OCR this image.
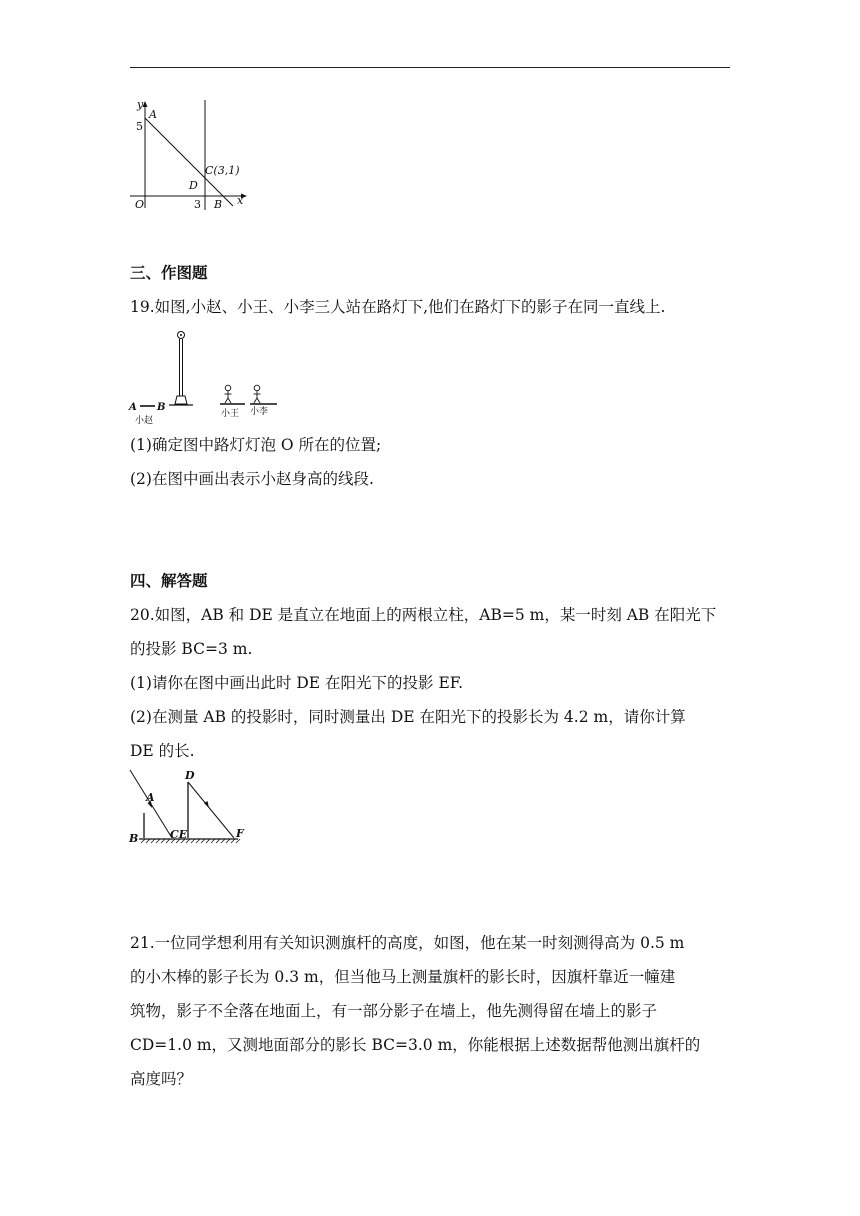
y
x
O
A
5
C(3,1)
D
3 B
三、作图题
19.如图,小赵、小王、小李三人站在路灯下,他们在路灯下的影子在同一直线上.
A B
小赵
小王 小李
(1)确定图中路灯灯泡 O 所在的位置;
(2)在图中画出表示小赵身高的线段.
四、解答题
20.如图，AB 和 DE 是直立在地面上的两根立柱，AB=5 m，某一时刻 AB 在阳光下
的投影 BC=3 m.
(1)请你在图中画出此时 DE 在阳光下的投影 EF.
(2)在测量 AB 的投影时，同时测量出 DE 在阳光下的投影长为 4.2 m，请你计算
DE 的长.
A
B	CE
D
F
21.一位同学想利用有关知识测旗杆的高度，如图，他在某一时刻测得高为 0.5 m
的小木棒的影子长为 0.3 m，但当他马上测量旗杆的影长时，因旗杆靠近一幢建
筑物，影子不全落在地面上，有一部分影子在墙上，他先测得留在墙上的影子
CD=1.0 m，又测地面部分的影长 BC=3.0 m，你能根据上述数据帮他测出旗杆的
高度吗？
